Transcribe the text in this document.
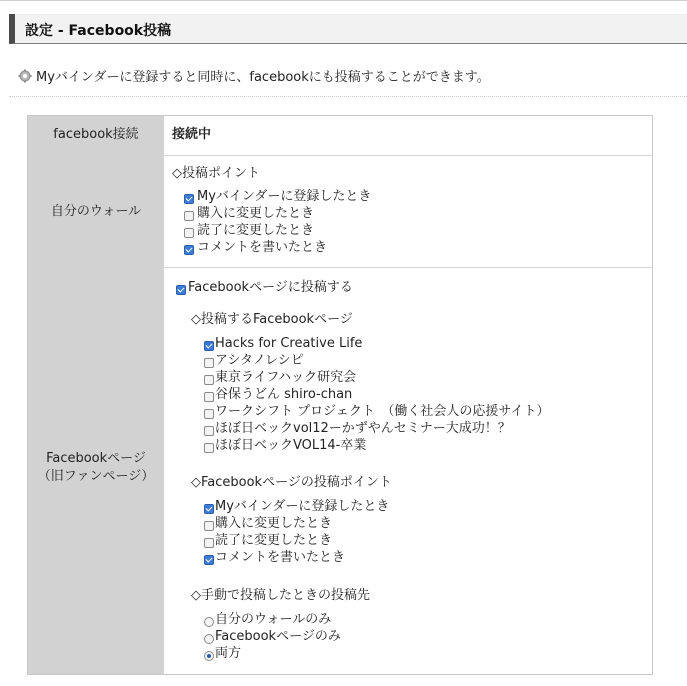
設定 - Facebook投稿
Myバインダーに登録すると同時に、facebookにも投稿することができます。
facebook接続	接続中
自分のウォール
◇投稿ポイント
Myバインダーに登録したとき
購入に変更したとき
読了に変更したとき
コメントを書いたとき
Facebookページ
（旧ファンページ）
Facebookページに投稿する
◇投稿するFacebookページ
Hacks for Creative Life
アシタノレシピ
東京ライフハック研究会
谷保うどん shiro-chan
ワークシフト プロジェクト　（働く社会人の応援サイト）
ほぼ日ベックvol12ーかずやんセミナー大成功！？
ほぼ日ベックVOL14-卒業
◇Facebookページの投稿ポイント
Myバインダーに登録したとき
購入に変更したとき
読了に変更したとき
コメントを書いたとき
◇手動で投稿したときの投稿先
自分のウォールのみ
Facebookページのみ
両方
